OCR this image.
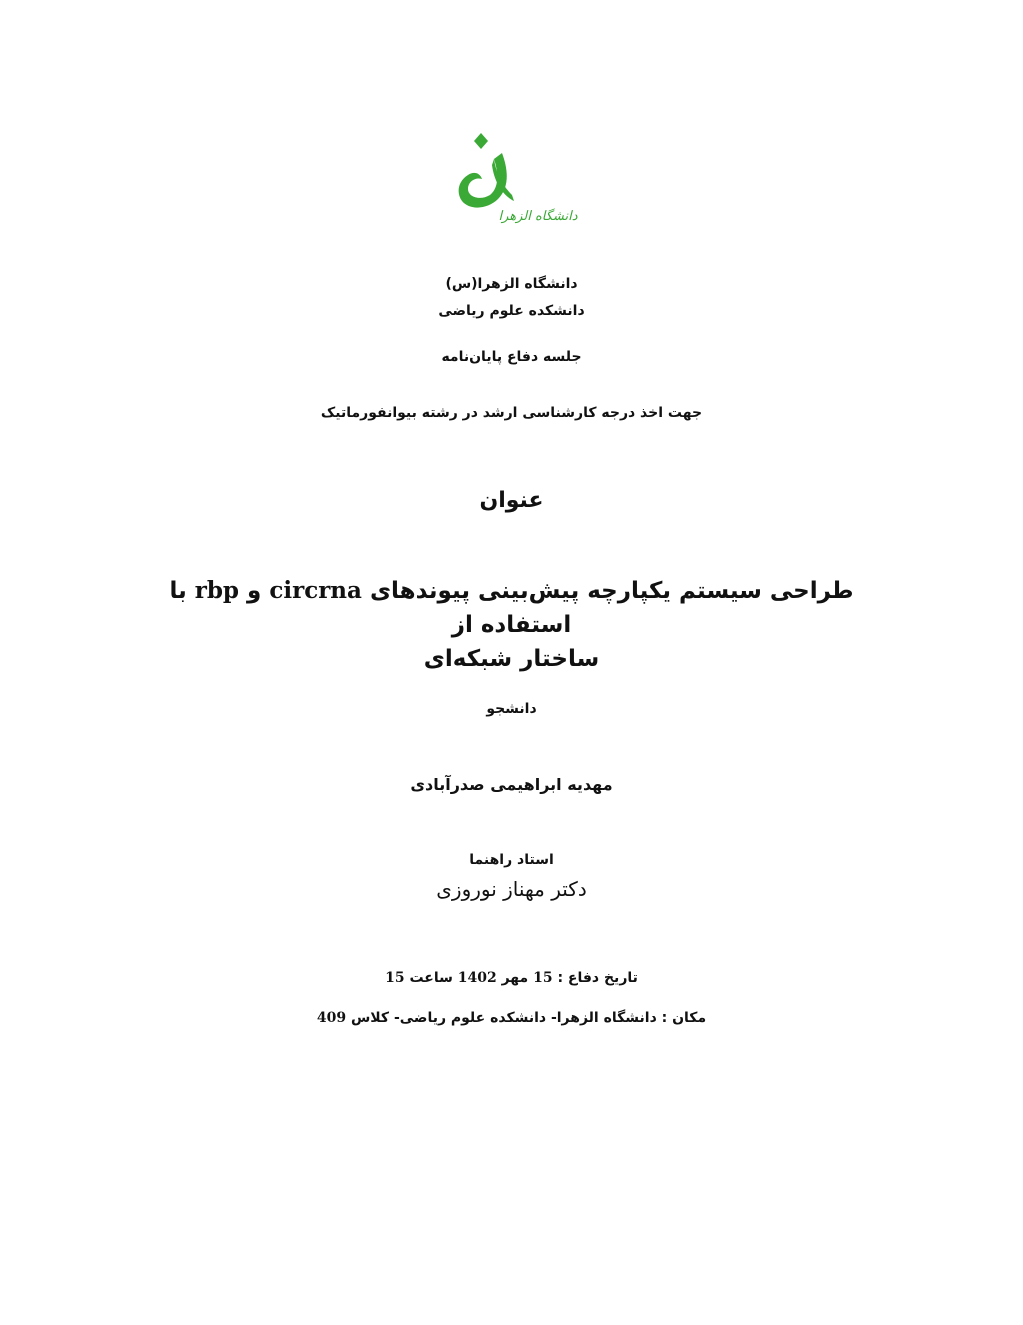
دانشگاه الزهرا
دانشگاه الزهرا(س)
دانشکده علوم ریاضی
جلسه دفاع پایان‌نامه
جهت اخذ درجه کارشناسی ارشد در رشته بیوانفورماتیک
عنوان
طراحی سیستم یکپارچه پیش‌بینی پیوندهای circrna و rbp با استفاده از
ساختار شبکه‌ای
دانشجو
مهدیه ابراهیمی صدرآبادی
استاد راهنما
دکتر مهناز نوروزی
تاریخ دفاع : 15 مهر 1402 ساعت 15
مکان : دانشگاه الزهرا- دانشکده علوم ریاضی- کلاس 409
